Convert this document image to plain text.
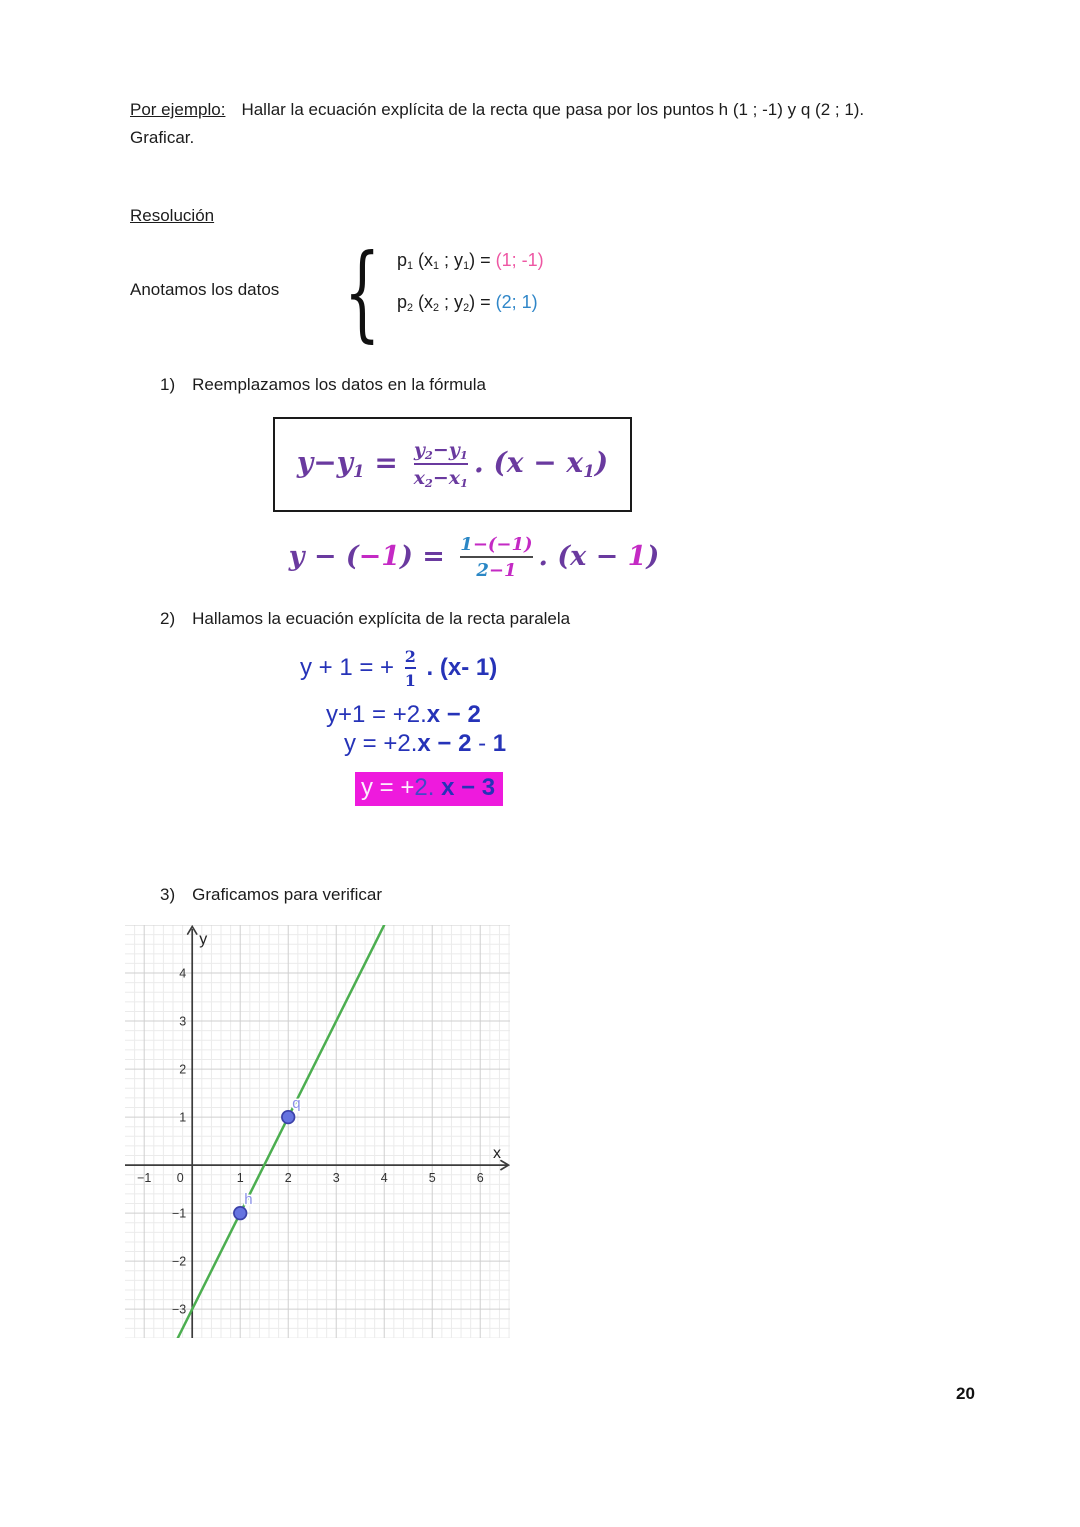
Por ejemplo: Hallar la ecuación explícita de la recta que pasa por los puntos h (1 ; -1) y q (2 ; 1).
Graficar.
Resolución
Anotamos los datos { p1 (x1 ; y1) = (1; -1)
p2 (x2 ; y2) = (2; 1)
1) Reemplazamos los datos en la fórmula
$y-y1 = \frac{y2-y1}{x2-x1}$ . (x − x1)
$y - (-1) = \frac{1-(-1)}{2-1}$ . (x − 1)
2) Hallamos la ecuación explícita de la recta paralela
y + 1 = + $\frac{2}{1}$ . (x- 1)
y+1 = +2.x − 2
y = +2.x − 2 - 1
y = +2. x − 3
3) Graficamos para verificar
−1 0	1	2	3	4	5	6
−3
−2
−1
1
2
3
4
x
y
h
q
20
